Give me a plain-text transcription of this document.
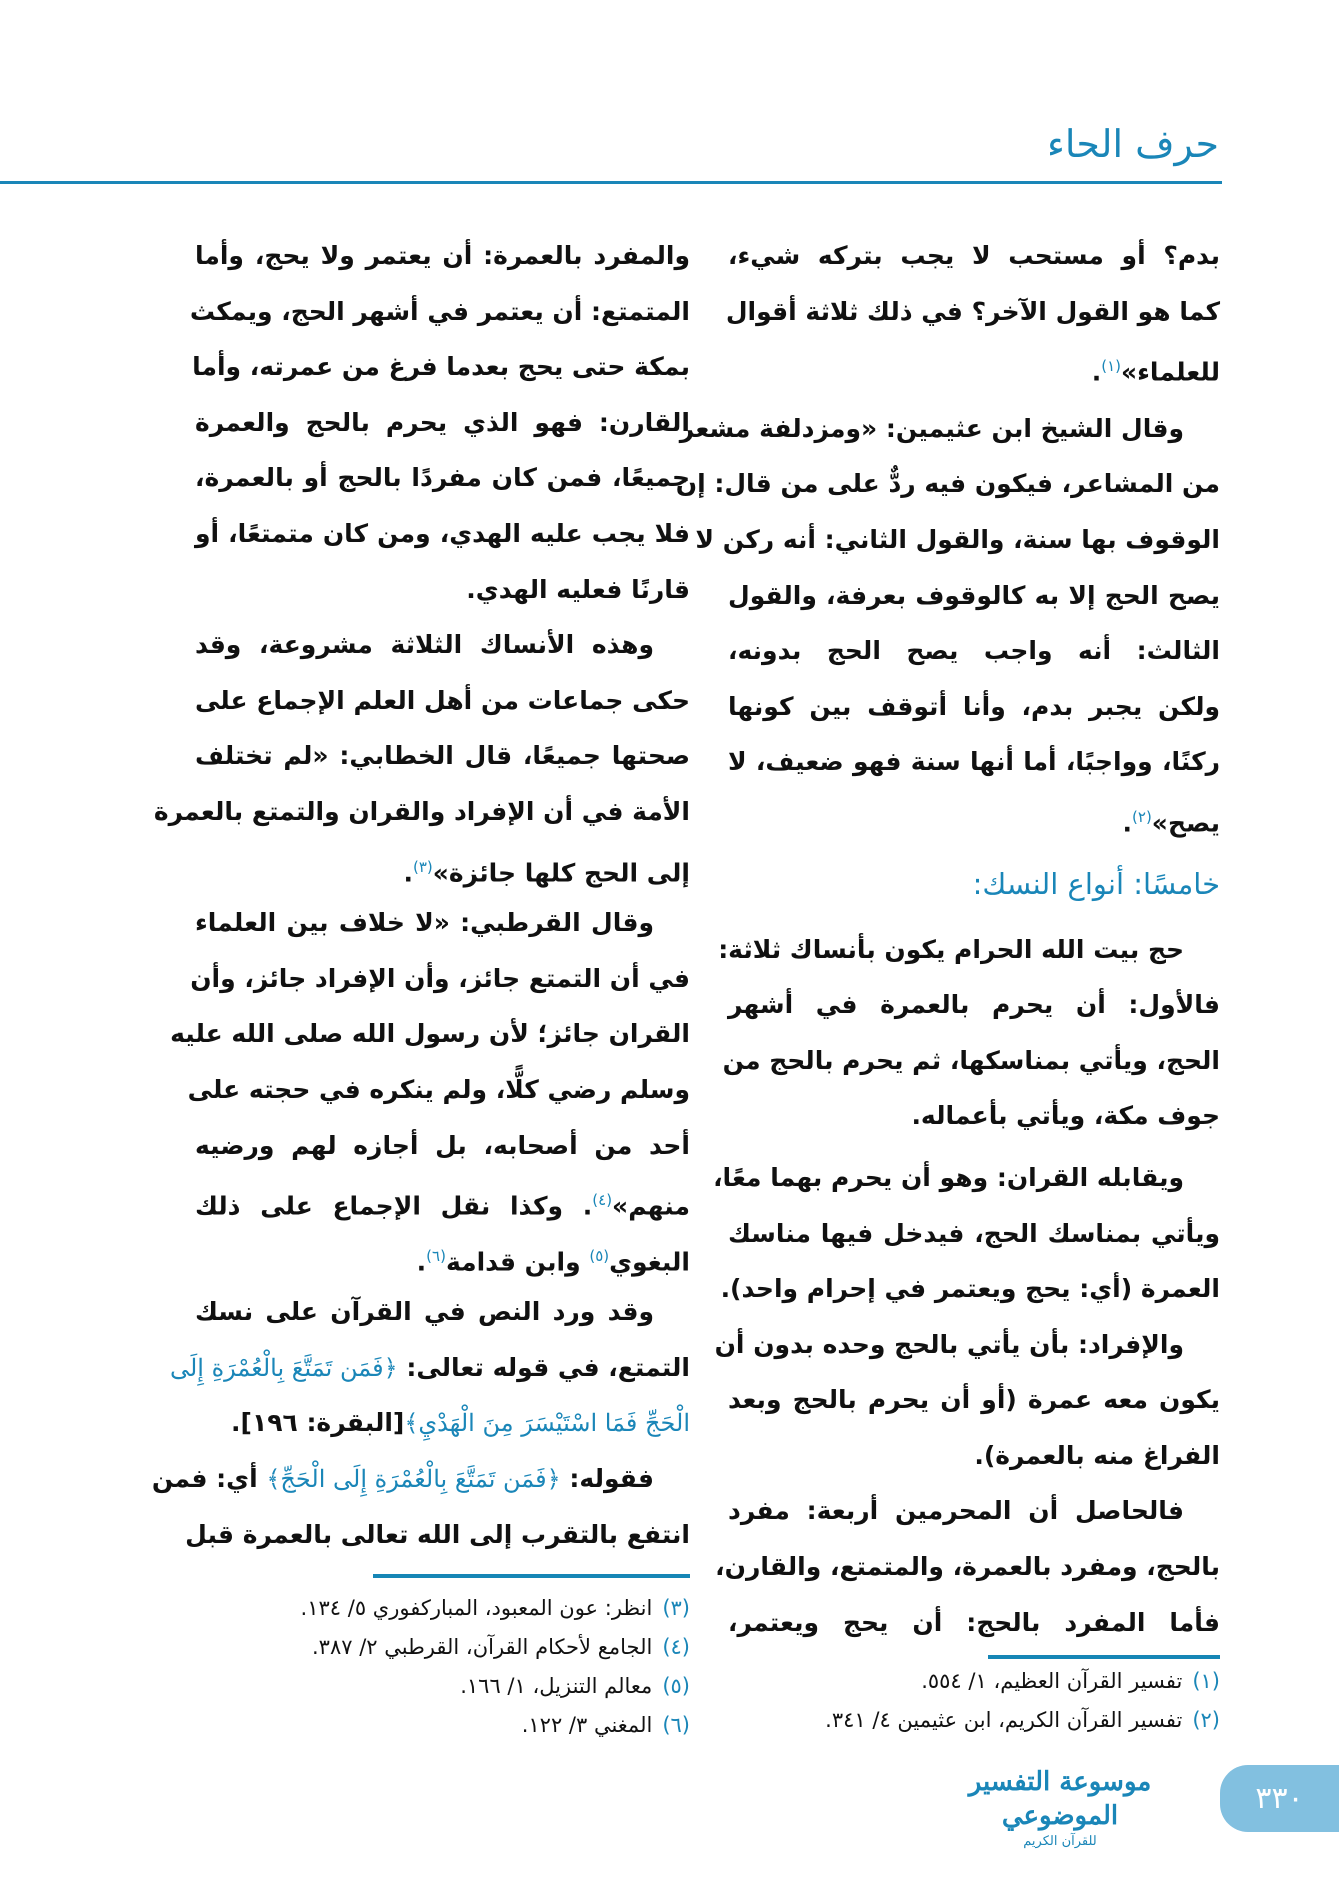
حرف الحاء
بدم؟ أو مستحب لا يجب بتركه شيء،
كما هو القول الآخر؟ في ذلك ثلاثة أقوال
للعلماء»$^{(١)}$.
وقال الشيخ ابن عثيمين: «ومزدلفة مشعر
من المشاعر، فيكون فيه ردٌّ على من قال: إن
الوقوف بها سنة، والقول الثاني: أنه ركن لا
يصح الحج إلا به كالوقوف بعرفة، والقول
الثالث: أنه واجب يصح الحج بدونه،
ولكن يجبر بدم، وأنا أتوقف بين كونها
ركنًا، وواجبًا، أما أنها سنة فهو ضعيف، لا
يصح»$^{(٢)}$.
خامسًا: أنواع النسك:
حج بيت الله الحرام يكون بأنساك ثلاثة:
فالأول: أن يحرم بالعمرة في أشهر
الحج، ويأتي بمناسكها، ثم يحرم بالحج من
جوف مكة، ويأتي بأعماله.
ويقابله القران: وهو أن يحرم بهما معًا،
ويأتي بمناسك الحج، فيدخل فيها مناسك
العمرة (أي: يحج ويعتمر في إحرام واحد).
والإفراد: بأن يأتي بالحج وحده بدون أن
يكون معه عمرة (أو أن يحرم بالحج وبعد
الفراغ منه بالعمرة).
فالحاصل أن المحرمين أربعة: مفرد
بالحج، ومفرد بالعمرة، والمتمتع، والقارن،
فأما المفرد بالحج: أن يحج ويعتمر،
والمفرد بالعمرة: أن يعتمر ولا يحج، وأما
المتمتع: أن يعتمر في أشهر الحج، ويمكث
بمكة حتى يحج بعدما فرغ من عمرته، وأما
القارن: فهو الذي يحرم بالحج والعمرة
جميعًا، فمن كان مفردًا بالحج أو بالعمرة،
فلا يجب عليه الهدي، ومن كان متمتعًا، أو
قارنًا فعليه الهدي.
وهذه الأنساك الثلاثة مشروعة، وقد
حكى جماعات من أهل العلم الإجماع على
صحتها جميعًا، قال الخطابي: «لم تختلف
الأمة في أن الإفراد والقران والتمتع بالعمرة
إلى الحج كلها جائزة»$^{(٣)}$.
وقال القرطبي: «لا خلاف بين العلماء
في أن التمتع جائز، وأن الإفراد جائز، وأن
القران جائز؛ لأن رسول الله صلى الله عليه
وسلم رضي كلًّا، ولم ينكره في حجته على
أحد من أصحابه، بل أجازه لهم ورضيه
منهم»$^{(٤)}$. وكذا نقل الإجماع على ذلك
البغوي$^{(٥)}$ وابن قدامة$^{(٦)}$.
وقد ورد النص في القرآن على نسك
التمتع، في قوله تعالى: ﴿فَمَن تَمَتَّعَ بِالْعُمْرَةِ إِلَى
الْحَجِّ فَمَا اسْتَيْسَرَ مِنَ الْهَدْيِ﴾[البقرة: ١٩٦].
فقوله: ﴿فَمَن تَمَتَّعَ بِالْعُمْرَةِ إِلَى الْحَجِّ﴾ أي: فمن
انتفع بالتقرب إلى الله تعالى بالعمرة قبل
(١)تفسير القرآن العظيم، ١/ ٥٥٤.
(٢)تفسير القرآن الكريم، ابن عثيمين ٤/ ٣٤١.
(٣)انظر: عون المعبود، المباركفوري ٥/ ١٣٤.
(٤)الجامع لأحكام القرآن، القرطبي ٢/ ٣٨٧.
(٥)معالم التنزيل، ١/ ١٦٦.
(٦)المغني ٣/ ١٢٢.
موسوعة التفسير الموضوعي
للقرآن الكريم
٣٣٠
